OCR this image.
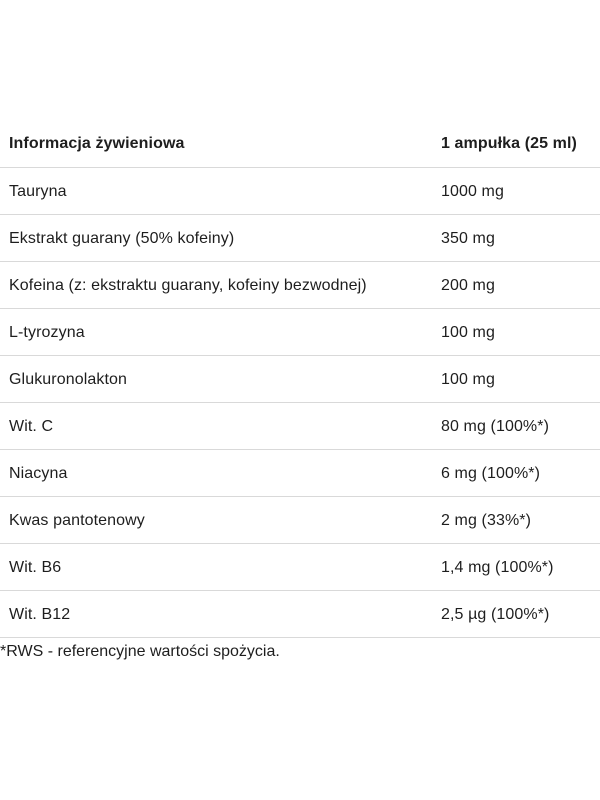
Informacja żywieniowa	1 ampułka (25 ml)
Tauryna	1000 mg
Ekstrakt guarany (50% kofeiny)	350 mg
Kofeina (z: ekstraktu guarany, kofeiny bezwodnej)	200 mg
L-tyrozyna	100 mg
Glukuronolakton	100 mg
Wit. C	80 mg (100%*)
Niacyna	6 mg (100%*)
Kwas pantotenowy	2 mg (33%*)
Wit. B6	1,4 mg (100%*)
Wit. B12	2,5 µg (100%*)
*RWS - referencyjne wartości spożycia.
